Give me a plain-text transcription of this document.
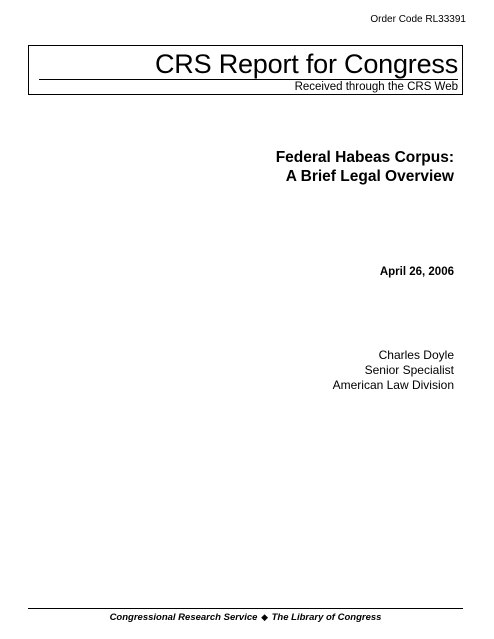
Order Code RL33391
CRS Report for Congress
Received through the CRS Web
Federal Habeas Corpus:
A Brief Legal Overview
April 26, 2006
Charles Doyle
Senior Specialist
American Law Division
Congressional Research Service ◆ The Library of Congress
